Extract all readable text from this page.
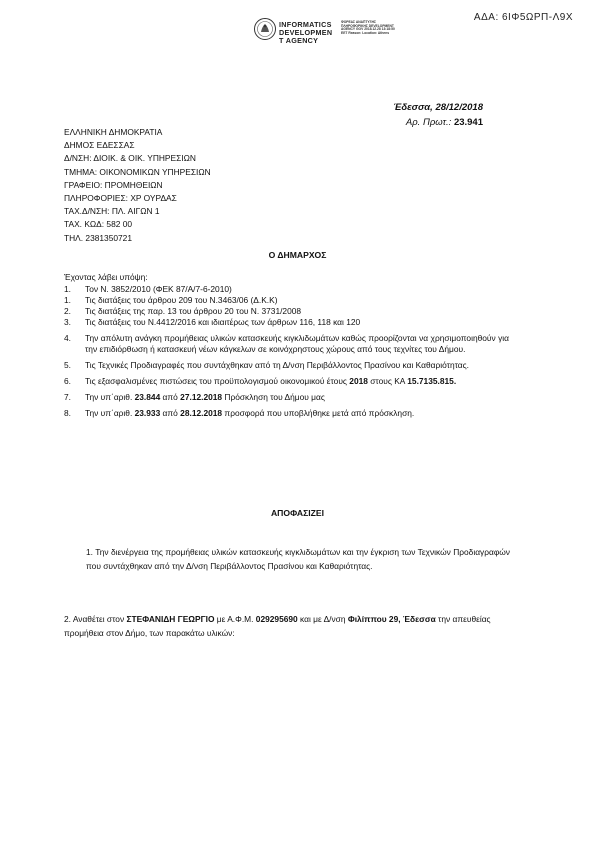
ΑΔΑ: 6ΙΦ5ΩΡΠ-Λ9Χ
INFORMATICS
DEVELOPMEN
T AGENCY
ΦΟΡΕΑΣ ΑΝΑΠΤΥΞΗΣ ΠΛΗΡΟΦΟΡΙΚΗΣ DEVELOPMENT AGENCY GOV 2018.12.28 13:18:50 EET Reason: Location: Athens
Έδεσσα, 28/12/2018
Αρ. Πρωτ.: 23.941
ΕΛΛΗΝΙΚΗ ΔΗΜΟΚΡΑΤΙΑ
ΔΗΜΟΣ ΕΔΕΣΣΑΣ
Δ/ΝΣΗ: ΔΙΟΙΚ. & ΟΙΚ. ΥΠΗΡΕΣΙΩΝ
ΤΜΗΜΑ: ΟΙΚΟΝΟΜΙΚΩΝ ΥΠΗΡΕΣΙΩΝ
ΓΡΑΦΕΙΟ: ΠΡΟΜΗΘΕΙΩΝ
ΠΛΗΡΟΦΟΡΙΕΣ: ΧΡ ΟΥΡΔΑΣ
ΤΑΧ.Δ/ΝΣΗ: ΠΛ. ΑΙΓΩΝ 1
ΤΑΧ. ΚΩΔ: 582 00
ΤΗΛ. 2381350721
Ο ΔΗΜΑΡΧΟΣ
Έχοντας λάβει υπόψη:
1. Τον Ν. 3852/2010 (ΦΕΚ 87/Α/7-6-2010)
1. Τις διατάξεις του άρθρου 209 του Ν.3463/06 (Δ.Κ.Κ)
2. Τις διατάξεις της παρ. 13 του άρθρου 20 του Ν. 3731/2008
3. Τις διατάξεις του Ν.4412/2016 και ιδιαιτέρως των άρθρων 116, 118 και 120
4. Την απόλυτη ανάγκη προμήθειας υλικών κατασκευής κιγκλιδωμάτων καθώς προορίζονται να χρησιμοποιηθούν για την επιδιόρθωση ή κατασκευή νέων κάγκελων σε κοινόχρηστους χώρους από τους τεχνίτες του Δήμου.
5. Τις Τεχνικές Προδιαγραφές που συντάχθηκαν από τη Δ/νση Περιβάλλοντος Πρασίνου και Καθαριότητας.
6. Τις εξασφαλισμένες πιστώσεις του προϋπολογισμού οικονομικού έτους 2018 στους ΚΑ 15.7135.815.
7. Την υπ΄αριθ. 23.844 από 27.12.2018 Πρόσκληση του Δήμου μας
8. Την υπ΄αριθ. 23.933 από 28.12.2018 προσφορά που υποβλήθηκε μετά από πρόσκληση.
ΑΠΟΦΑΣΙΖΕΙ
1. Την διενέργεια της προμήθειας υλικών κατασκευής κιγκλιδωμάτων και την έγκριση των Τεχνικών Προδιαγραφών που συντάχθηκαν από την Δ/νση Περιβάλλοντος Πρασίνου και Καθαριότητας.
2. Αναθέτει στον ΣΤΕΦΑΝΙΔΗ ΓΕΩΡΓΙΟ με Α.Φ.Μ. 029295690 και με Δ/νση Φιλίππου 29, Έδεσσα την απευθείας προμήθεια στον Δήμο, των παρακάτω υλικών:
